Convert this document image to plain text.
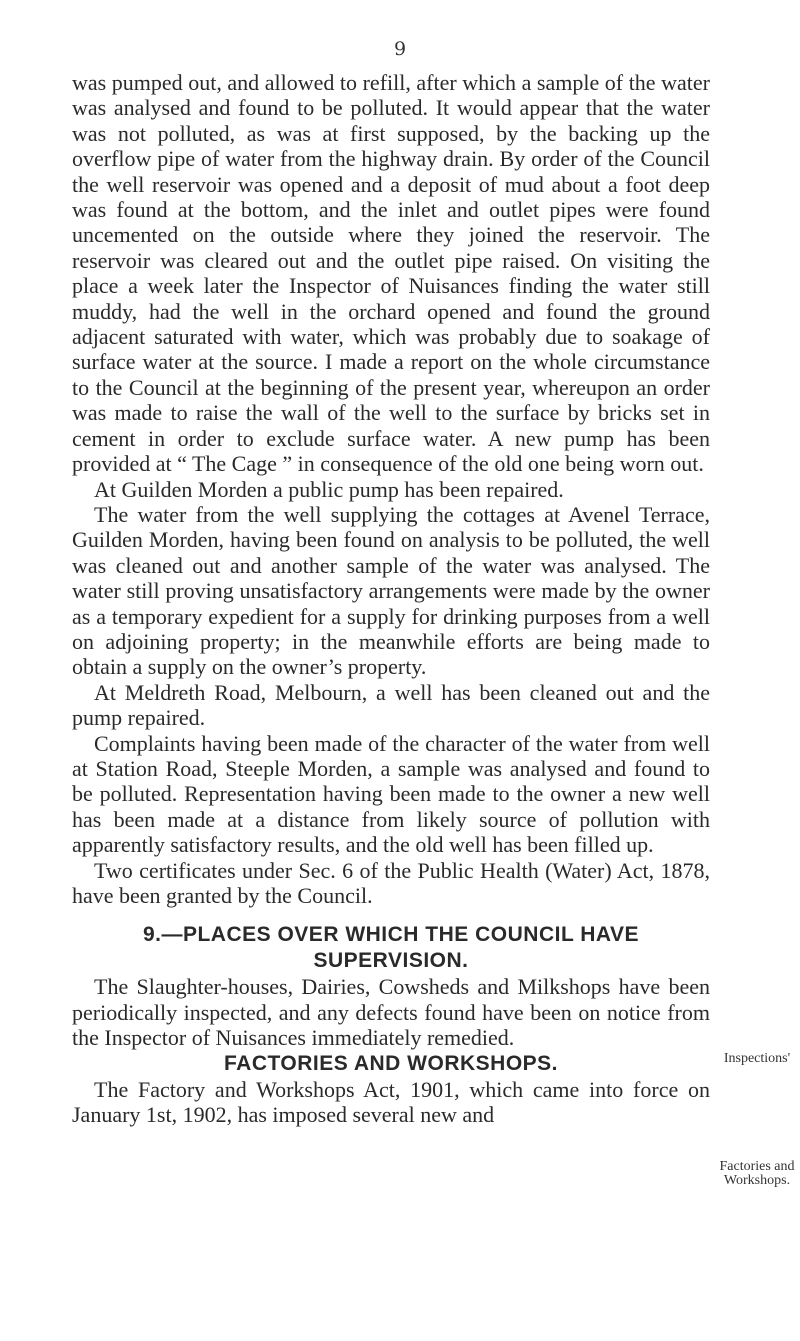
9

was pumped out, and allowed to refill, after which a sample of the water was analysed and found to be polluted. It would appear that the water was not polluted, as was at first supposed, by the backing up the overflow pipe of water from the highway drain. By order of the Council the well reservoir was opened and a deposit of mud about a foot deep was found at the bottom, and the inlet and outlet pipes were found uncemented on the outside where they joined the reservoir. The reservoir was cleared out and the outlet pipe raised. On visiting the place a week later the Inspector of Nuisances finding the water still muddy, had the well in the orchard opened and found the ground adjacent saturated with water, which was probably due to soakage of surface water at the source. I made a report on the whole circumstance to the Council at the beginning of the present year, whereupon an order was made to raise the wall of the well to the surface by bricks set in cement in order to exclude surface water. A new pump has been provided at “ The Cage ” in consequence of the old one being worn out.

At Guilden Morden a public pump has been repaired.

The water from the well supplying the cottages at Avenel Terrace, Guilden Morden, having been found on analysis to be polluted, the well was cleaned out and another sample of the water was analysed. The water still proving unsatisfactory arrangements were made by the owner as a temporary expedient for a supply for drinking purposes from a well on adjoining property; in the meanwhile efforts are being made to obtain a supply on the owner’s property.

At Meldreth Road, Melbourn, a well has been cleaned out and the pump repaired.

Complaints having been made of the character of the water from well at Station Road, Steeple Morden, a sample was analysed and found to be polluted. Representation having been made to the owner a new well has been made at a distance from likely source of pollution with apparently satisfactory results, and the old well has been filled up.

Two certificates under Sec. 6 of the Public Health (Water) Act, 1878, have been granted by the Council.

9.—PLACES OVER WHICH THE COUNCIL HAVE SUPERVISION.

The Slaughter-houses, Dairies, Cowsheds and Milkshops have been periodically inspected, and any defects found have been on notice from the Inspector of Nuisances immediately remedied.

FACTORIES AND WORKSHOPS.

The Factory and Workshops Act, 1901, which came into force on January 1st, 1902, has imposed several new and

Inspections'
Factories and Workshops.
